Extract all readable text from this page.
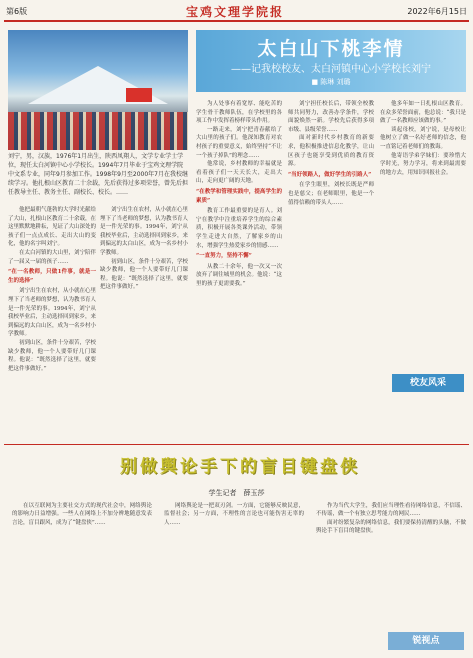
第6版	宝鸡文理学院报	2022年6月15日
刘宁，男，汉族，1976年1月出生，陕西凤翔人，文学专业学士学位，现任太白河镇中心小学校长。1994年7月毕业于宝鸡文理学院中文系专业，同年9月参加工作。1998年9月至2000年7月在我校继续学习。他扎根山区教育二十余载，先后获得过多项荣誉，曾先后担任教导主任、教务主任、副校长、校长。……
太白山下桃李情
——记我校校友、太白河镇中心小学校长刘宁
■ 陈琳 刘璐

他把最朝气蓬勃的大学时光献给了大山，扎根山区教育二十余载，在这里默默地耕耘，见证了大山深处的孩子们一点点成长、走出大山的变化，他的名字叫刘宁。

在太白河镇的大山里，刘宁陪伴了一届又一届的孩子……

“在一名教师，只做1件事，就是一生的选择”

刘宁出生在农村，从小就在心里埋下了当老师的梦想，认为教书育人是一件光荣的事。1994年，刘宁从我校毕业后，主动选择回到家乡，来到偏远的太白山区，成为一名乡村小学教师。

初到山区，条件十分艰苦，学校缺少教师，他一个人要带好几门课程。他说：“既然选择了这里，就要把这件事做好。”

刘宁出生在农村，从小就在心里埋下了当老师的梦想，认为教书育人是一件光荣的事。1994年，刘宁从我校毕业后，主动选择回到家乡，来到偏远的太白山区，成为一名乡村小学教师。

初到山区，条件十分艰苦，学校缺少教师，他一个人要带好几门课程。他说：“既然选择了这里，就要把这件事做好。”

为人处事有着宽厚、能吃苦的学生骨干教师队伍，在学校里的各项工作中发挥着榜样带头作用。

一路走来，刘宁把青春献给了大山里的孩子们。他深知教育对农村孩子的重要意义，始终坚持“不让一个孩子掉队”的理念……

他常说，乡村教师的幸福就是看着孩子们一天天长大，走出大山，走向更广阔的天地。

“在教学和管理实践中，提高学生的素质”

教育工作最重要的是育人。刘宁在教学中注重培养学生的综合素质，积极开展各类课外活动，带领学生走进大自然，了解家乡的山水，增强学生热爱家乡的情感……

“一直努力，坚持不懈”

从教二十余年，他一次又一次放弃了调往城里的机会。他说：“这里的孩子更需要我。”

刘宁担任校长后，带领全校教师共同努力，改善办学条件，学校面貌焕然一新。学校先后获得多项市级、县级荣誉……

面对新时代乡村教育的新要求，他积极推进信息化教学，让山区孩子也能享受到优质的教育资源。

“当好领路人，做好学生的引路人”

在学生眼里，刘校长既是严师也是慈父；在老师眼里，他是一个值得信赖的带头人……

他多年如一日扎根山区教育。在众多荣誉面前，他总说：“我只是做了一名教师应该做的事。”

谈起母校，刘宁说，是母校让他树立了做一名好老师的信念，他一直铭记着老师们的教诲。

他寄语学弟学妹们：要珍惜大学时光，努力学习，将来到最需要的地方去，用知识回报社会。

校友风采
别做舆论手下的盲目键盘侠
学生记者　薛玉莎

在以互联网为主要社交方式的现代社会中，网络舆论的影响力日益增强。一些人在网络上不加分辨地随意发表言论，盲目跟风，成为了“键盘侠”……

网络舆论是一把双刃剑。一方面，它能够反映民意，监督社会；另一方面，不理性的言论也可能伤害无辜的人……

作为当代大学生，我们应当理性看待网络信息，不信谣、不传谣，做一个有独立思考能力的网民……

面对纷繁复杂的网络信息，我们要保持清醒的头脑，不做舆论手下盲目的键盘侠。

锐视点
